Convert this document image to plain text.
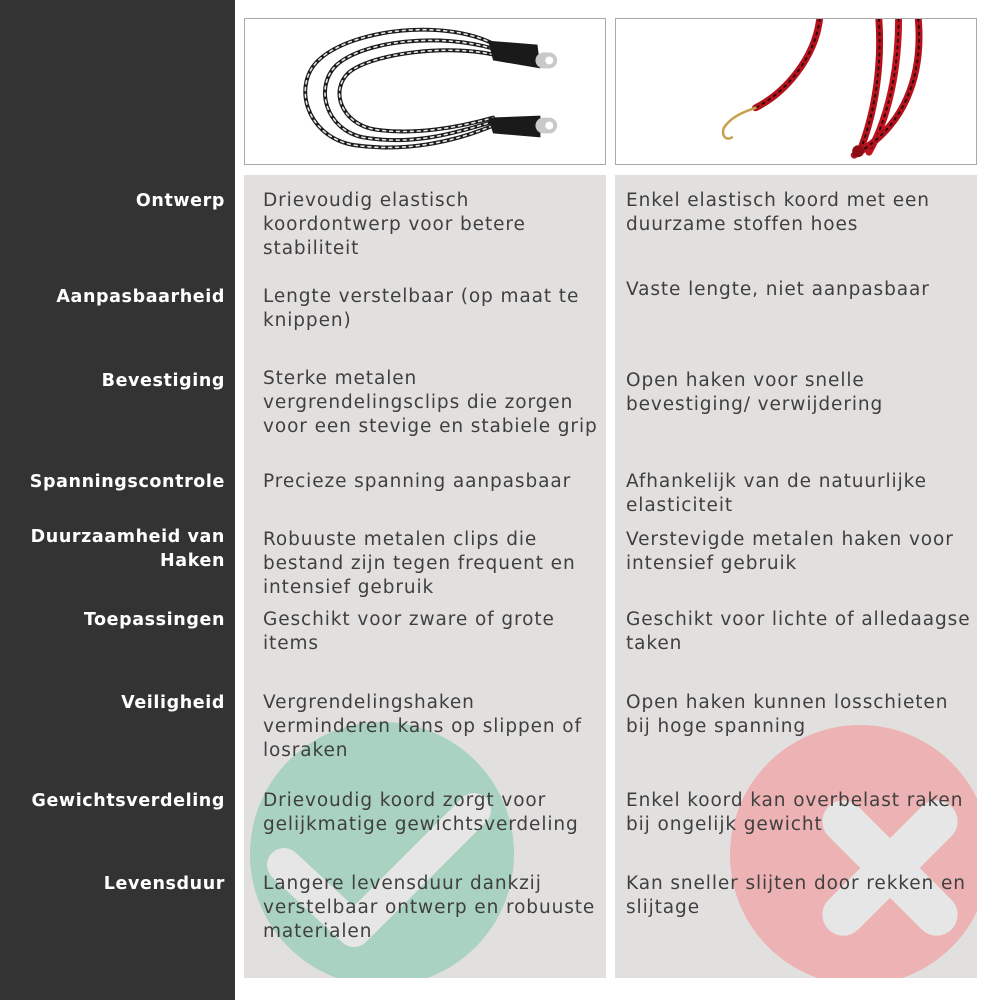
Ontwerp Drievoudig elastisch koordontwerp voor betere stabiliteit
Enkel elastisch koord met een duurzame stoffen hoes
Aanpasbaarheid Lengte verstelbaar (op maat te knippen)
Vaste lengte, niet aanpasbaar
Bevestiging Sterke metalen vergrendelingsclips die zorgen voor een stevige en stabiele grip
Open haken voor snelle bevestiging/ verwijdering
Spanningscontrole Precieze spanning aanpasbaar	Afhankelijk van de natuurlijke elasticiteit
Duurzaamheid van Haken
Robuuste metalen clips die bestand zijn tegen frequent en intensief gebruik
Verstevigde metalen haken voor intensief gebruik
Toepassingen Geschikt voor zware of grote items
Geschikt voor lichte of alledaagse taken
Veiligheid Vergrendelingshaken verminderen kans op slippen of losraken
Open haken kunnen losschieten bij hoge spanning
Gewichtsverdeling Drievoudig koord zorgt voor gelijkmatige gewichtsverdeling
Enkel koord kan overbelast raken bij ongelijk gewicht
Levensduur Langere levensduur dankzij verstelbaar ontwerp en robuuste materialen
Kan sneller slijten door rekken en slijtage
